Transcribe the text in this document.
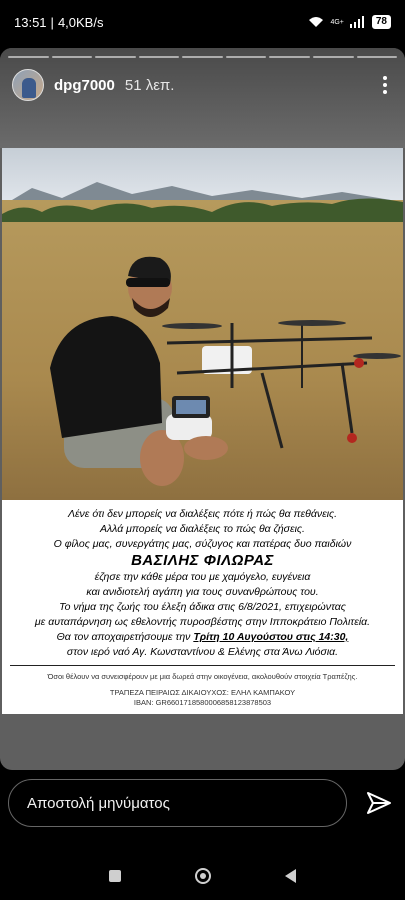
13:51 | 4,0KB/s	4G+	78
dpg7000 51 λεπ.
Λένε ότι δεν μπορείς να διαλέξεις πότε ή πώς θα πεθάνεις.
Αλλά μπορείς να διαλέξεις το πώς θα ζήσεις.
Ο φίλος μας, συνεργάτης μας, σύζυγος και πατέρας δυο παιδιών
ΒΑΣΙΛΗΣ ΦΙΛΩΡΑΣ
έζησε την κάθε μέρα του με χαμόγελο, ευγένεια
και ανιδιοτελή αγάπη για τους συνανθρώπους του.
Το νήμα της ζωής του έλεξη άδικα στις 6/8/2021, επιχειρώντας
με αυταπάρνηση ως εθελοντής πυροσβέστης στην Ιπποκράτειο Πολιτεία.
Θα τον αποχαιρετήσουμε την Τρίτη 10 Αυγούστου στις 14:30,
στον ιερό ναό Αγ. Κωνσταντίνου & Ελένης στα Άνω Λιόσια.
Όσοι θέλουν να συνεισφέρουν με μια δωρεά στην οικογένεια, ακολουθούν στοιχεία Τραπέζης.
ΤΡΑΠΕΖΑ ΠΕΙΡΑΙΩΣ ΔΙΚΑΙΟΥΧΟΣ: ΕΛΗΛ ΚΑΜΠΑΚΟΥ
IBAN: GR6601718580006858123878503
Αποστολή μηνύματος
